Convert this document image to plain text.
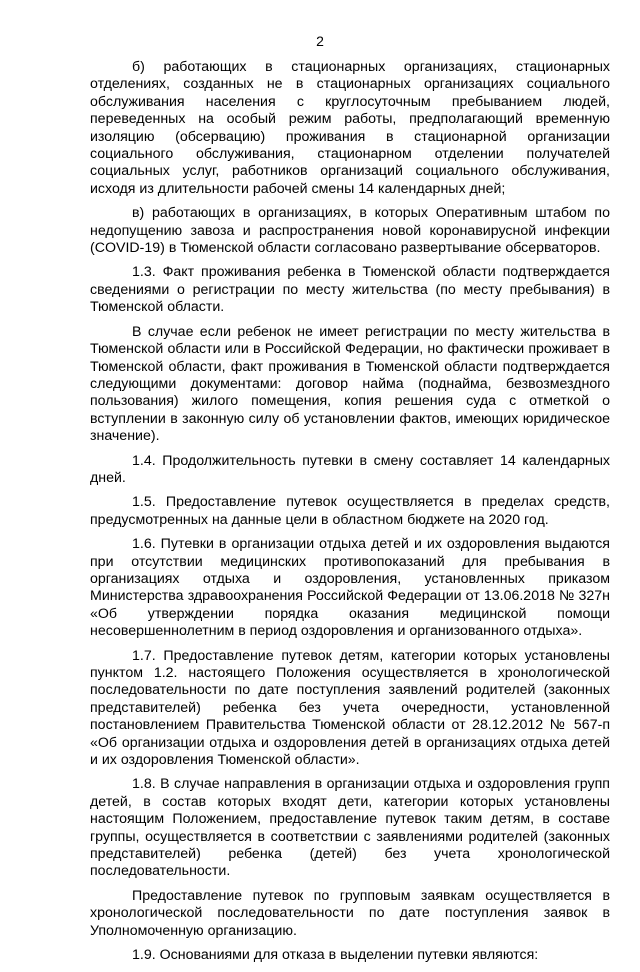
2

б) работающих в стационарных организациях, стационарных отделениях, созданных не в стационарных организациях социального обслуживания населения с круглосуточным пребыванием людей, переведенных на особый режим работы, предполагающий временную изоляцию (обсервацию) проживания в стационарной организации социального обслуживания, стационарном отделении получателей социальных услуг, работников организаций социального обслуживания, исходя из длительности рабочей смены 14 календарных дней;

в) работающих в организациях, в которых Оперативным штабом по недопущению завоза и распространения новой коронавирусной инфекции (COVID-19) в Тюменской области согласовано развертывание обсерваторов.

1.3. Факт проживания ребенка в Тюменской области подтверждается сведениями о регистрации по месту жительства (по месту пребывания) в Тюменской области.

В случае если ребенок не имеет регистрации по месту жительства в Тюменской области или в Российской Федерации, но фактически проживает в Тюменской области, факт проживания в Тюменской области подтверждается следующими документами: договор найма (поднайма, безвозмездного пользования) жилого помещения, копия решения суда с отметкой о вступлении в законную силу об установлении фактов, имеющих юридическое значение).

1.4. Продолжительность путевки в смену составляет 14 календарных дней.

1.5. Предоставление путевок осуществляется в пределах средств, предусмотренных на данные цели в областном бюджете на 2020 год.

1.6. Путевки в организации отдыха детей и их оздоровления выдаются при отсутствии медицинских противопоказаний для пребывания в организациях отдыха и оздоровления, установленных приказом Министерства здравоохранения Российской Федерации от 13.06.2018 № 327н «Об утверждении порядка оказания медицинской помощи несовершеннолетним в период оздоровления и организованного отдыха».

1.7. Предоставление путевок детям, категории которых установлены пунктом 1.2. настоящего Положения осуществляется в хронологической последовательности по дате поступления заявлений родителей (законных представителей) ребенка без учета очередности, установленной постановлением Правительства Тюменской области от 28.12.2012 № 567-п «Об организации отдыха и оздоровления детей в организациях отдыха детей и их оздоровления Тюменской области».

1.8. В случае направления в организации отдыха и оздоровления групп детей, в состав которых входят дети, категории которых установлены настоящим Положением, предоставление путевок таким детям, в составе группы, осуществляется в соответствии с заявлениями родителей (законных представителей) ребенка (детей) без учета хронологической последовательности.

Предоставление путевок по групповым заявкам осуществляется в хронологической последовательности по дате поступления заявок в Уполномоченную организацию.

1.9. Основаниями для отказа в выделении путевки являются:
